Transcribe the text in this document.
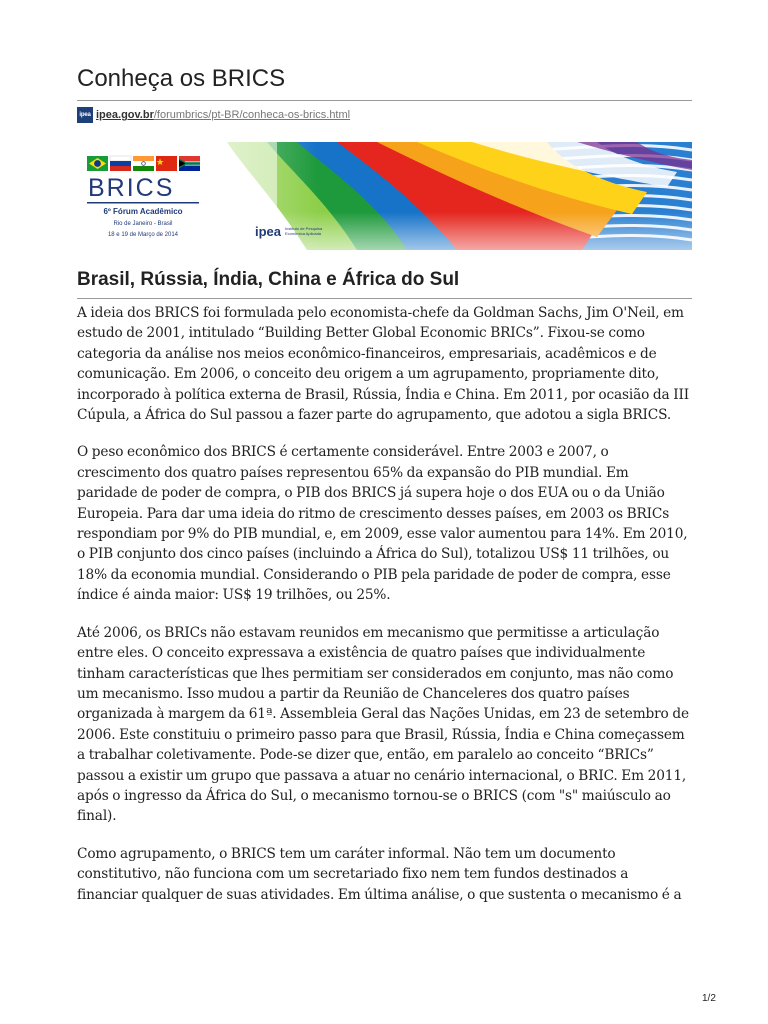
Conheça os BRICS
ipea ipea.gov.br /forumbrics/pt-BR/conheca-os-brics.html
BRICS
6º Fórum Acadêmico
Rio de Janeiro - Brasil
18 e 19 de Março de 2014	ipea Instituto de Pesquisa
Econômica Aplicada
Brasil, Rússia, Índia, China e África do Sul

A ideia dos BRICS foi formulada pelo economista-chefe da Goldman Sachs, Jim O'Neil, em estudo de 2001, intitulado “Building Better Global Economic BRICs”. Fixou-se como categoria da análise nos meios econômico-financeiros, empresariais, acadêmicos e de comunicação. Em 2006, o conceito deu origem a um agrupamento, propriamente dito, incorporado à política externa de Brasil, Rússia, Índia e China. Em 2011, por ocasião da III Cúpula, a África do Sul passou a fazer parte do agrupamento, que adotou a sigla BRICS.

O peso econômico dos BRICS é certamente considerável. Entre 2003 e 2007, o crescimento dos quatro países representou 65% da expansão do PIB mundial. Em paridade de poder de compra, o PIB dos BRICS já supera hoje o dos EUA ou o da União Europeia. Para dar uma ideia do ritmo de crescimento desses países, em 2003 os BRICs respondiam por 9% do PIB mundial, e, em 2009, esse valor aumentou para 14%. Em 2010, o PIB conjunto dos cinco países (incluindo a África do Sul), totalizou US$ 11 trilhões, ou 18% da economia mundial. Considerando o PIB pela paridade de poder de compra, esse índice é ainda maior: US$ 19 trilhões, ou 25%.

Até 2006, os BRICs não estavam reunidos em mecanismo que permitisse a articulação entre eles. O conceito expressava a existência de quatro países que individualmente tinham características que lhes permitiam ser considerados em conjunto, mas não como um mecanismo. Isso mudou a partir da Reunião de Chanceleres dos quatro países organizada à margem da 61ª. Assembleia Geral das Nações Unidas, em 23 de setembro de 2006. Este constituiu o primeiro passo para que Brasil, Rússia, Índia e China começassem a trabalhar coletivamente. Pode-se dizer que, então, em paralelo ao conceito “BRICs” passou a existir um grupo que passava a atuar no cenário internacional, o BRIC. Em 2011, após o ingresso da África do Sul, o mecanismo tornou-se o BRICS (com "s" maiúsculo ao final).

Como agrupamento, o BRICS tem um caráter informal. Não tem um documento constitutivo, não funciona com um secretariado fixo nem tem fundos destinados a financiar qualquer de suas atividades. Em última análise, o que sustenta o mecanismo é a

1/2
